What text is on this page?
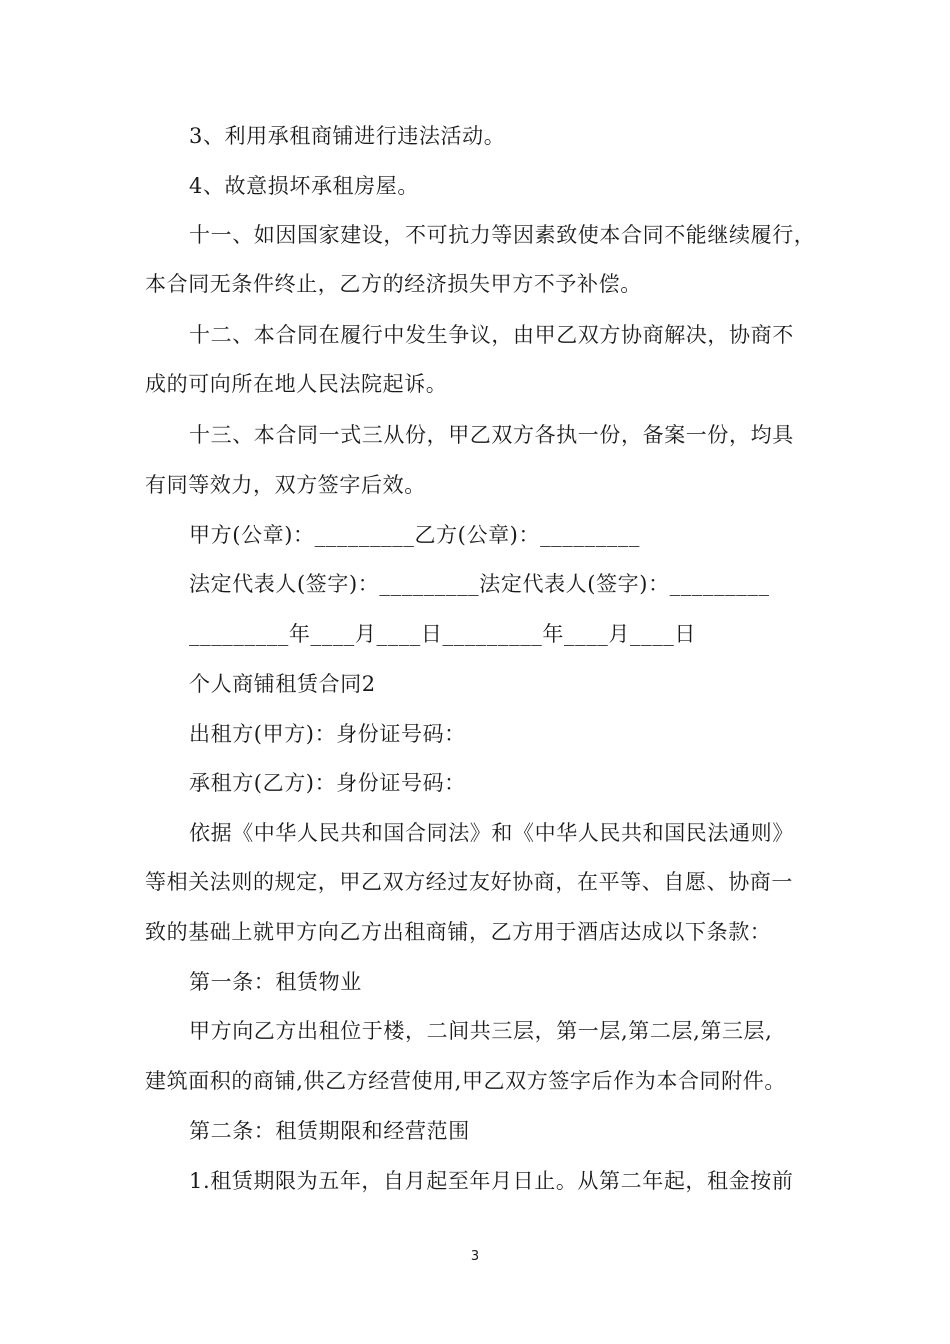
3、利用承租商铺进行违法活动。
4、故意损坏承租房屋。
十一、如因国家建设，不可抗力等因素致使本合同不能继续履行，
本合同无条件终止，乙方的经济损失甲方不予补偿。
十二、本合同在履行中发生争议，由甲乙双方协商解决，协商不
成的可向所在地人民法院起诉。
十三、本合同一式三从份，甲乙双方各执一份，备案一份，均具
有同等效力，双方签字后效。
甲方(公章)：_________乙方(公章)：_________
法定代表人(签字)：_________法定代表人(签字)：_________
_________年____月____日_________年____月____日
个人商铺租赁合同2
出租方(甲方)：身份证号码：
承租方(乙方)：身份证号码：
依据《中华人民共和国合同法》和《中华人民共和国民法通则》
等相关法则的规定，甲乙双方经过友好协商，在平等、自愿、协商一
致的基础上就甲方向乙方出租商铺，乙方用于酒店达成以下条款：
第一条：租赁物业
甲方向乙方出租位于楼，二间共三层，第一层,第二层,第三层,
建筑面积的商铺,供乙方经营使用,甲乙双方签字后作为本合同附件。
第二条：租赁期限和经营范围
1.租赁期限为五年，自月起至年月日止。从第二年起，租金按前
3
